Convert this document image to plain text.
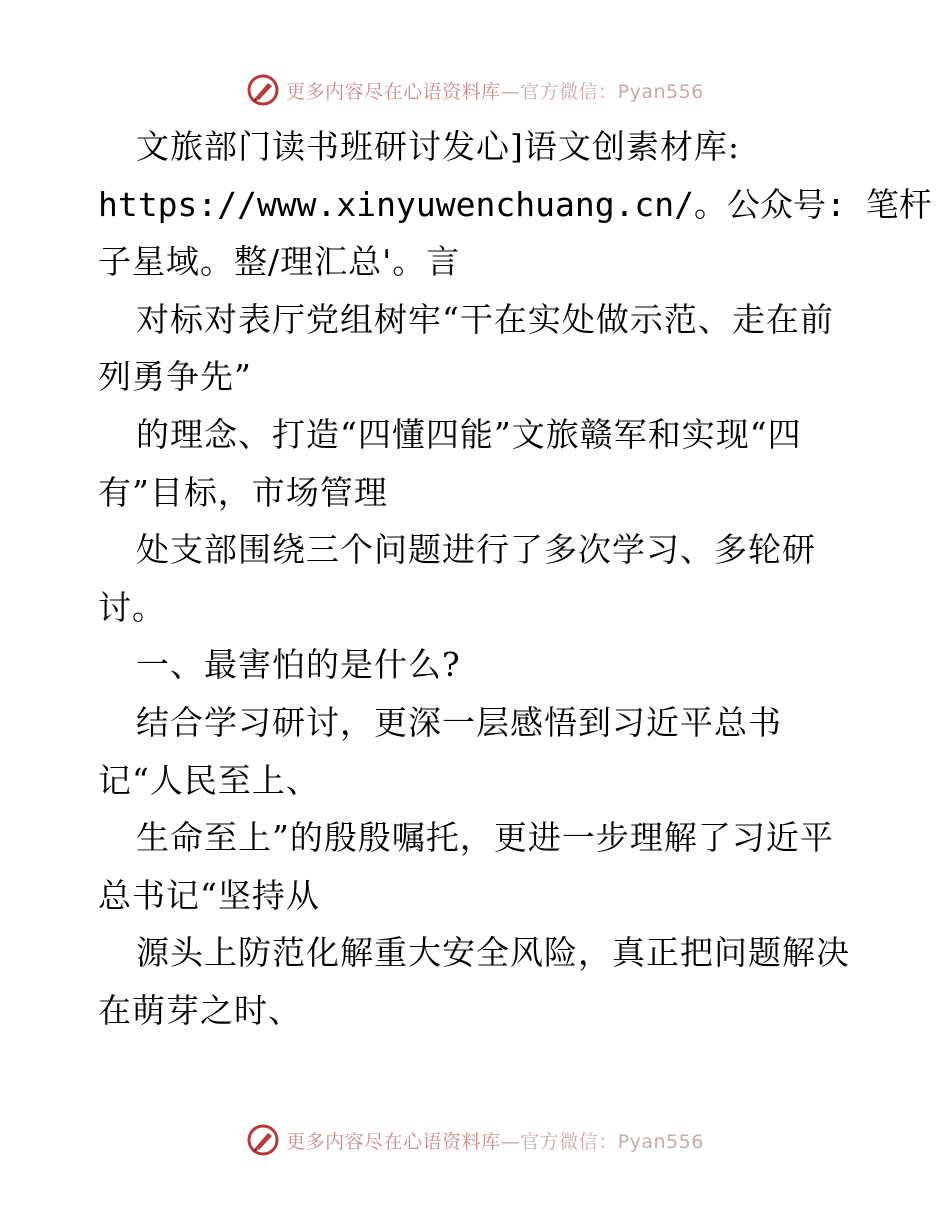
更多内容尽在心语资料库—官方微信：Pyan556
文旅部门读书班研讨发心]语文创素材库:
https://www.xinyuwenchuang.cn/。公众号: 笔杆
子星域。整/理汇总'。言
对标对表厅党组树牢“干在实处做示范、走在前
列勇争先”
的理念、打造“四懂四能”文旅赣军和实现“四
有”目标，市场管理
处支部围绕三个问题进行了多次学习、多轮研
讨。
一、最害怕的是什么?
结合学习研讨，更深一层感悟到习近平总书
记“人民至上、
生命至上”的殷殷嘱托，更进一步理解了习近平
总书记“坚持从
源头上防范化解重大安全风险，真正把问题解决
在萌芽之时、
更多内容尽在心语资料库—官方微信：Pyan556
